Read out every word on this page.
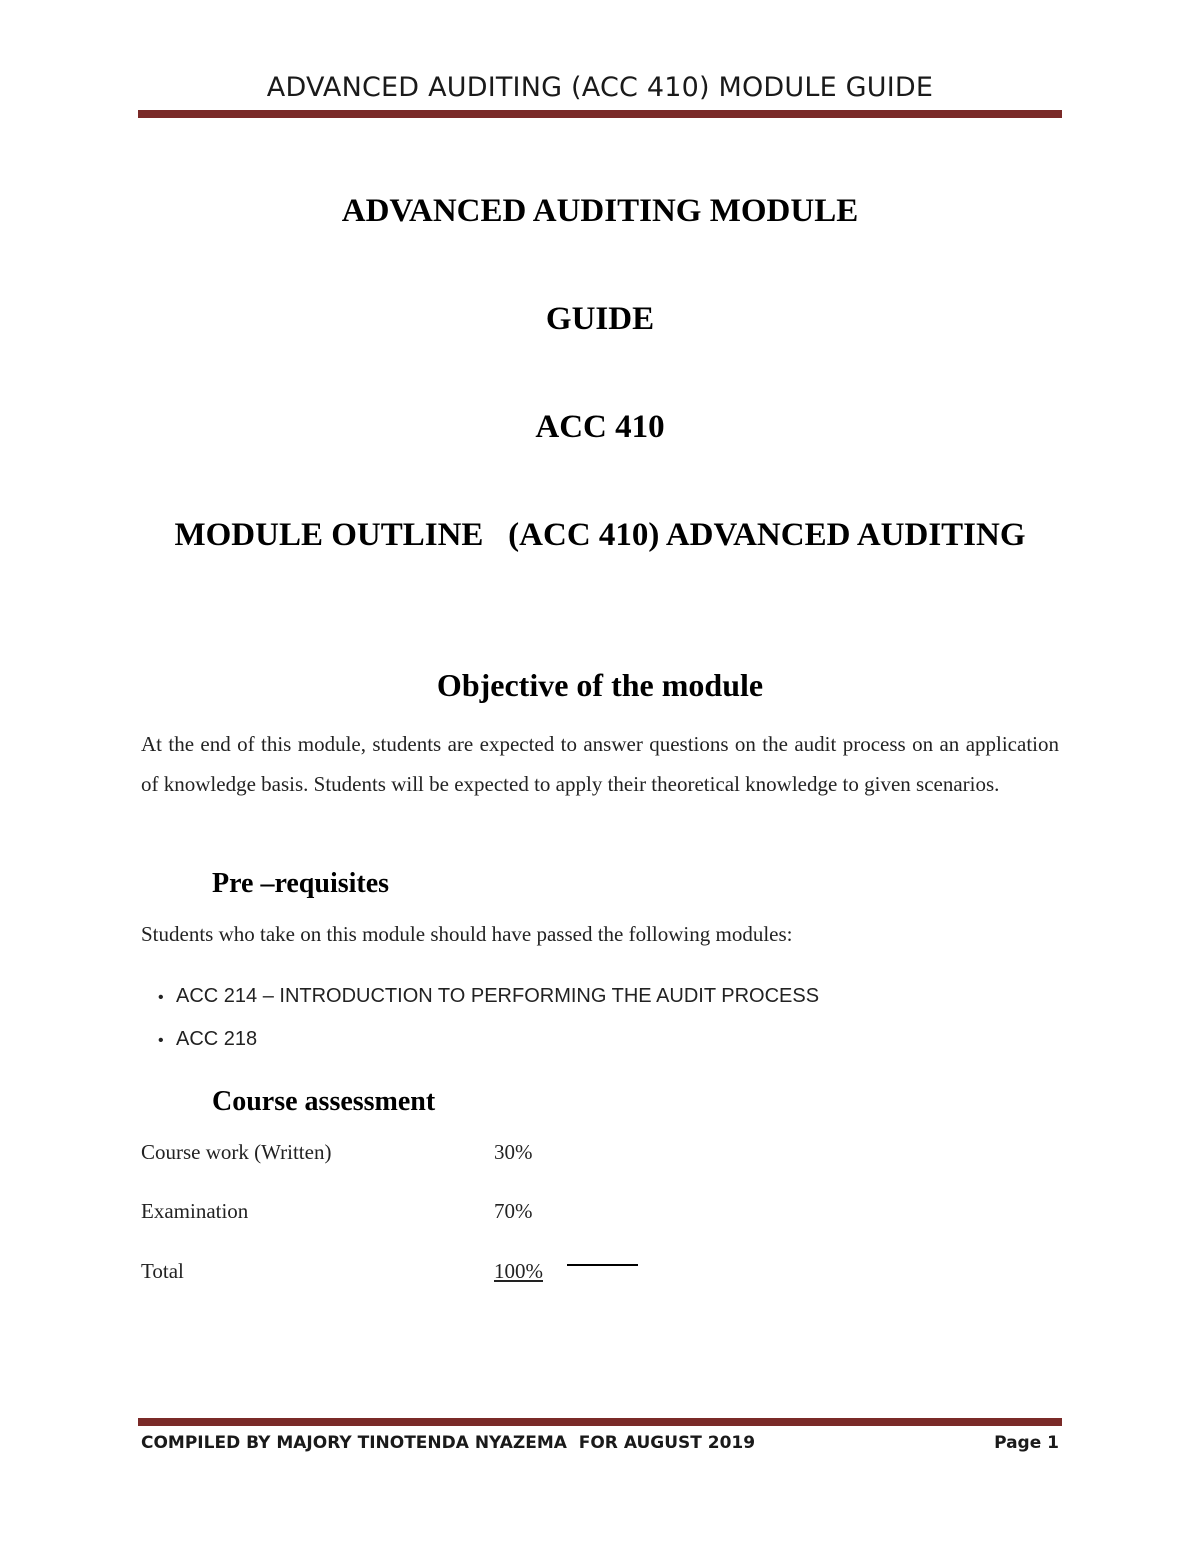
ADVANCED AUDITING (ACC 410) MODULE GUIDE
ADVANCED AUDITING MODULE
GUIDE
ACC 410
MODULE OUTLINE   (ACC 410) ADVANCED AUDITING
Objective of the module
At the end of this module, students are expected to answer questions on the audit process on an application of knowledge basis. Students will be expected to apply their theoretical knowledge to given scenarios.
Pre –requisites
Students who take on this module should have passed the following modules:
• ACC 214 – INTRODUCTION TO PERFORMING THE AUDIT PROCESS
• ACC 218
Course assessment
Course work (Written)	30%
Examination	70%
Total	100%
COMPILED BY MAJORY TINOTENDA NYAZEMA  FOR AUGUST 2019	Page 1
